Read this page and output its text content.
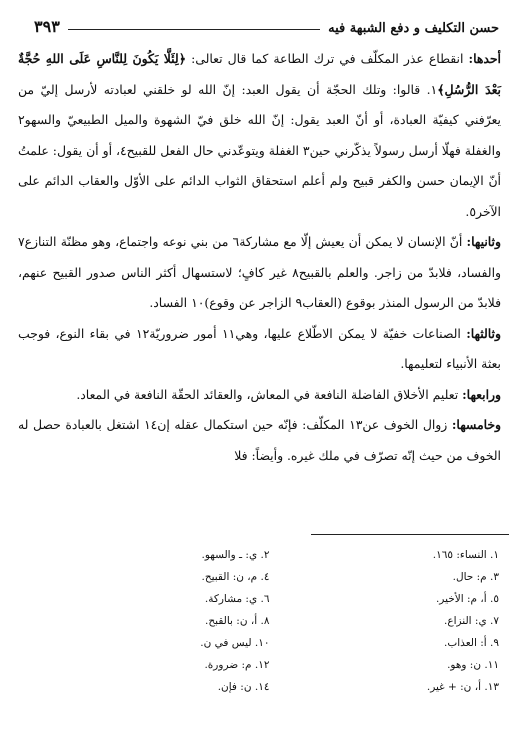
حسن التكليف و دفع الشبهة فيه
٣٩٣

أحدها: انقطاع عذر المكلّف في ترك الطاعة كما قال تعالى: ﴿لِئَلَّا يَكُونَ لِلنَّاسِ عَلَى اللهِ حُجَّةٌ بَعْدَ الرُّسُلِ﴾١. قالوا: وتلك الحجّة أن يقول العبد: إنّ الله لو خلقني لعبادته لأرسل إليّ من يعرّفني كيفيّة العبادة، أو أنّ العبد يقول: إنّ الله خلق فيّ الشهوة والميل الطبيعيّ والسهو٢ والغفلة فهلّا أرسل رسولاً يذكّرني حين٣ الغفلة ويتوعّدني حال الفعل للقبيح٤، أو أن يقول: علمتُ أنّ الإيمان حسن والكفر قبيح ولم أعلم استحقاق الثواب الدائم على الأوّل والعقاب الدائم على الآخر٥.

وثانيها: أنّ الإنسان لا يمكن أن يعيش إلّا مع مشاركة٦ من بني نوعه واجتماع، وهو مظنّة التنازع٧ والفساد، فلابدّ من زاجر. والعلم بالقبيح٨ غير كافٍ؛ لاستسهال أكثر الناس صدور القبيح عنهم، فلابدّ من الرسول المنذر بوقوع (العقاب٩ الزاجر عن وقوع)١٠ الفساد.

وثالثها: الصناعات خفيّة لا يمكن الاطّلاع عليها، وهي١١ أمور ضروريّة١٢ في بقاء النوع، فوجب بعثة الأنبياء لتعليمها.

ورابعها: تعليم الأخلاق الفاضلة النافعة في المعاش، والعقائد الحقّة النافعة في المعاد.

وخامسها: زوال الخوف عن١٣ المكلّف: فإنّه حين استكمال عقله إن١٤ اشتغل بالعبادة حصل له الخوف من حيث إنّه تصرّف في ملك غيره. وأيضاً: فلا

١. النساء: ١٦٥.
٢. ي: ـ والسهو.
٣. م: حال.
٤. م، ن: القبيح.
٥. أ، م: الأخير.
٦. ي: مشاركة.
٧. ي: النزاع.
٨. أ، ن: بالقبح.
٩. أ: العذاب.
١٠. ليس في ن.
١١. ن: وهو.
١٢. م: ضرورة.
١٣. أ، ن: + غير.
١٤. ن: فإن.
